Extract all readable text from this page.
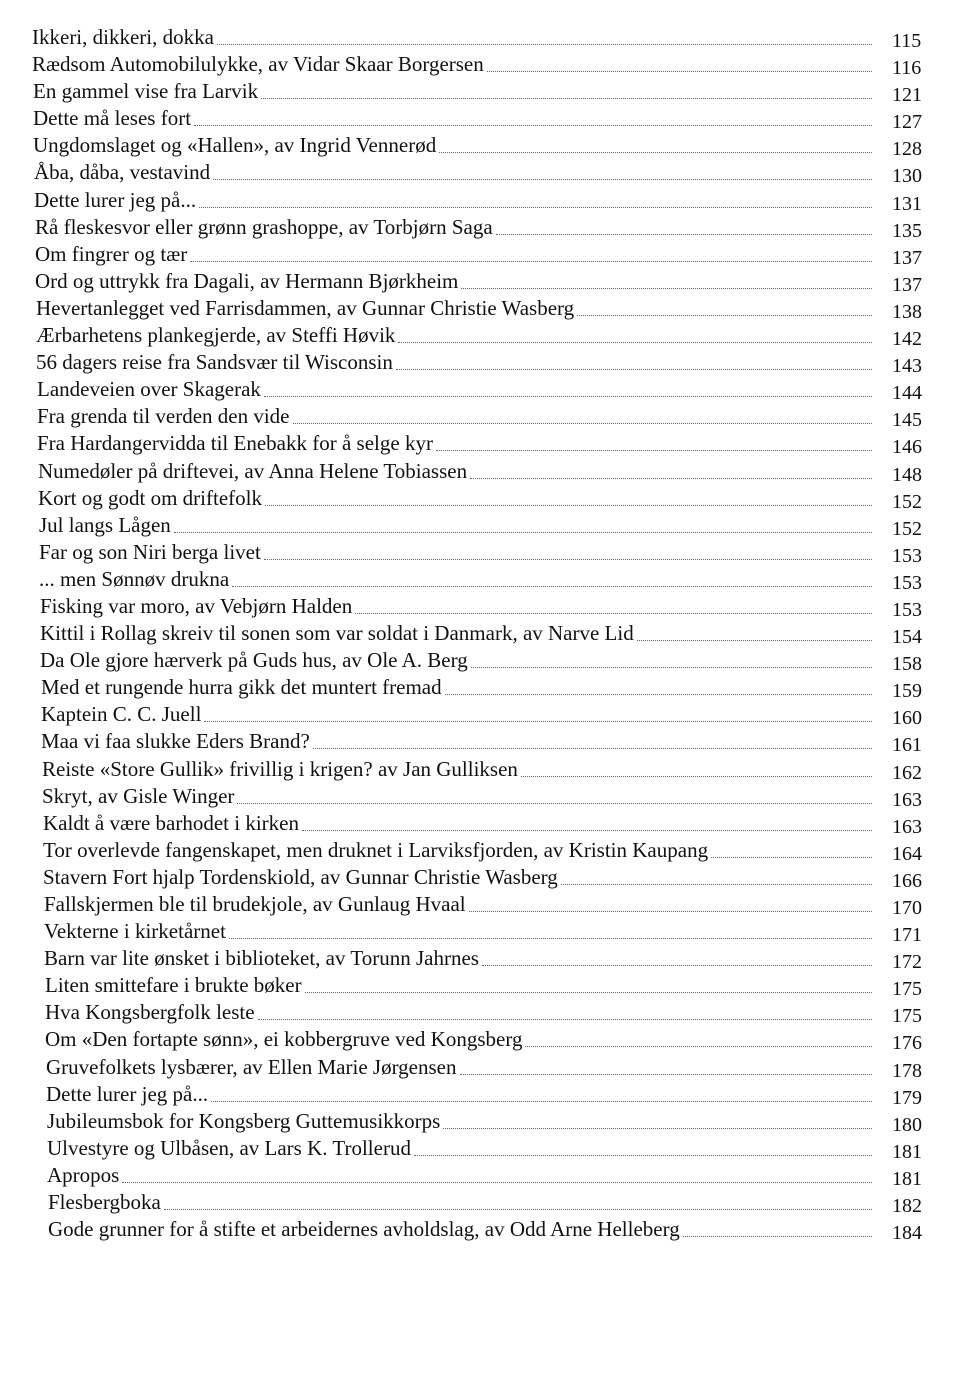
Ikkeri, dikkeri, dokka	115
Rædsom Automobilulykke, av Vidar Skaar Borgersen	116
En gammel vise fra Larvik	121
Dette må leses fort	127
Ungdomslaget og «Hallen», av Ingrid Vennerød	128
Åba, dåba, vestavind	130
Dette lurer jeg på...	131
Rå fleskesvor eller grønn grashoppe, av Torbjørn Saga	135
Om fingrer og tær	137
Ord og uttrykk fra Dagali, av Hermann Bjørkheim	137
Hevertanlegget ved Farrisdammen, av Gunnar Christie Wasberg	138
Ærbarhetens plankegjerde, av Steffi Høvik	142
56 dagers reise fra Sandsvær til Wisconsin	143
Landeveien over Skagerak	144
Fra grenda til verden den vide	145
Fra Hardangervidda til Enebakk for å selge kyr	146
Numedøler på driftevei, av Anna Helene Tobiassen	148
Kort og godt om driftefolk	152
Jul langs Lågen	152
Far og son Niri berga livet	153
... men Sønnøv drukna	153
Fisking var moro, av Vebjørn Halden	153
Kittil i Rollag skreiv til sonen som var soldat i Danmark, av Narve Lid	154
Da Ole gjore hærverk på Guds hus, av Ole A. Berg	158
Med et rungende hurra gikk det muntert fremad	159
Kaptein C. C. Juell	160
Maa vi faa slukke Eders Brand?	161
Reiste «Store Gullik» frivillig i krigen? av Jan Gulliksen	162
Skryt, av Gisle Winger	163
Kaldt å være barhodet i kirken	163
Tor overlevde fangenskapet, men druknet i Larviksfjorden, av Kristin Kaupang	164
Stavern Fort hjalp Tordenskiold, av Gunnar Christie Wasberg	166
Fallskjermen ble til brudekjole, av Gunlaug Hvaal	170
Vekterne i kirketårnet	171
Barn var lite ønsket i biblioteket, av Torunn Jahrnes	172
Liten smittefare i brukte bøker	175
Hva Kongsbergfolk leste	175
Om «Den fortapte sønn», ei kobbergruve ved Kongsberg	176
Gruvefolkets lysbærer, av Ellen Marie Jørgensen	178
Dette lurer jeg på...	179
Jubileumsbok for Kongsberg Guttemusikkorps	180
Ulvestyre og Ulbåsen, av Lars K. Trollerud	181
Apropos	181
Flesbergboka	182
Gode grunner for å stifte et arbeidernes avholdslag, av Odd Arne Helleberg	184
